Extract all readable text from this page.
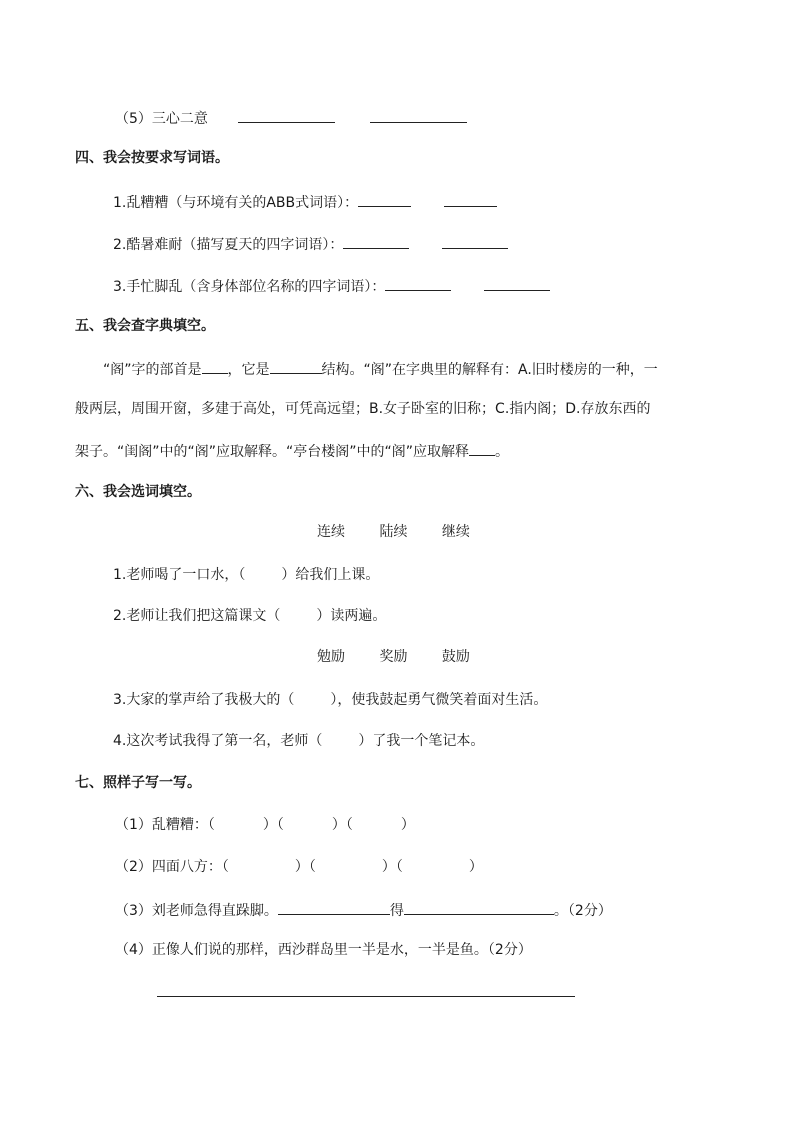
（5）三心二意
四、我会按要求写词语。
1.乱糟糟（与环境有关的ABB式词语）：
2.酷暑难耐（描写夏天的四字词语）：
3.手忙脚乱（含身体部位名称的四字词语）：
五、我会查字典填空。
“阁”字的部首是 ，它是	结构。“阁”在字典里的解释有：A.旧时楼房的一种，一
般两层，周围开窗，多建于高处，可凭高远望；B.女子卧室的旧称；C.指内阁；D.存放东西的
架子。“闺阁”中的“阁”应取解释。“亭台楼阁”中的“阁”应取解释 。
六、我会选词填空。
连续 陆续 继续
1.老师喝了一口水，（	）给我们上课。
2.老师让我们把这篇课文（	）读两遍。
勉励 奖励 鼓励
3.大家的掌声给了我极大的（	），使我鼓起勇气微笑着面对生活。
4.这次考试我得了第一名，老师（	）了我一个笔记本。
七、照样子写一写。
（1）乱糟糟：（	）（	）（	）
（2）四面八方：（	）（	）（	）
（3）刘老师急得直跺脚。	得	。（2分）
（4）正像人们说的那样，西沙群岛里一半是水，一半是鱼。（2分）
